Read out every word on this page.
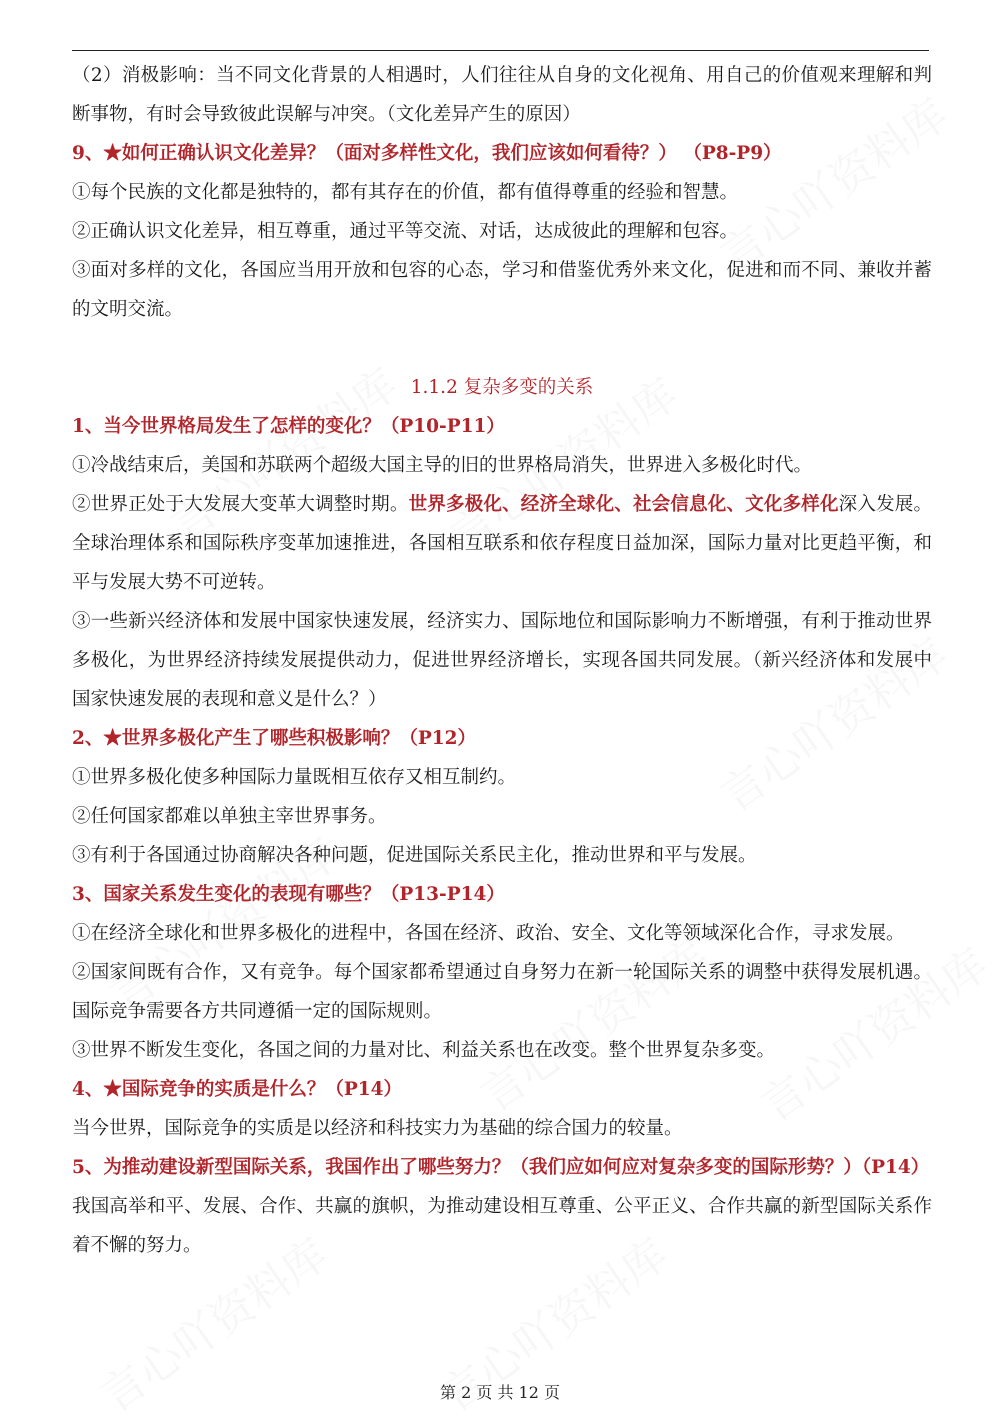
（2）消极影响：当不同文化背景的人相遇时，人们往往从自身的文化视角、用自己的价值观来理解和判断事物，有时会导致彼此误解与冲突。（文化差异产生的原因）

9、★如何正确认识文化差异？（面对多样性文化，我们应该如何看待？） （P8-P9）

①每个民族的文化都是独特的，都有其存在的价值，都有值得尊重的经验和智慧。

②正确认识文化差异，相互尊重，通过平等交流、对话，达成彼此的理解和包容。

③面对多样的文化，各国应当用开放和包容的心态，学习和借鉴优秀外来文化，促进和而不同、兼收并蓄的文明交流。

1.1.2 复杂多变的关系

1、当今世界格局发生了怎样的变化？（P10-P11）

①冷战结束后，美国和苏联两个超级大国主导的旧的世界格局消失，世界进入多极化时代。

②世界正处于大发展大变革大调整时期。世界多极化、经济全球化、社会信息化、文化多样化深入发展。全球治理体系和国际秩序变革加速推进，各国相互联系和依存程度日益加深，国际力量对比更趋平衡，和平与发展大势不可逆转。

③一些新兴经济体和发展中国家快速发展，经济实力、国际地位和国际影响力不断增强，有利于推动世界多极化，为世界经济持续发展提供动力，促进世界经济增长，实现各国共同发展。（新兴经济体和发展中国家快速发展的表现和意义是什么？）

2、★世界多极化产生了哪些积极影响？（P12）

①世界多极化使多种国际力量既相互依存又相互制约。

②任何国家都难以单独主宰世界事务。

③有利于各国通过协商解决各种问题，促进国际关系民主化，推动世界和平与发展。

3、国家关系发生变化的表现有哪些？（P13-P14）

①在经济全球化和世界多极化的进程中，各国在经济、政治、安全、文化等领域深化合作，寻求发展。

②国家间既有合作，又有竞争。每个国家都希望通过自身努力在新一轮国际关系的调整中获得发展机遇。国际竞争需要各方共同遵循一定的国际规则。

③世界不断发生变化，各国之间的力量对比、利益关系也在改变。整个世界复杂多变。

4、★国际竞争的实质是什么？（P14）

当今世界，国际竞争的实质是以经济和科技实力为基础的综合国力的较量。

5、为推动建设新型国际关系，我国作出了哪些努力？（我们应如何应对复杂多变的国际形势？）（P14）

我国高举和平、发展、合作、共赢的旗帜，为推动建设相互尊重、公平正义、合作共赢的新型国际关系作着不懈的努力。

第 2 页 共 12 页
